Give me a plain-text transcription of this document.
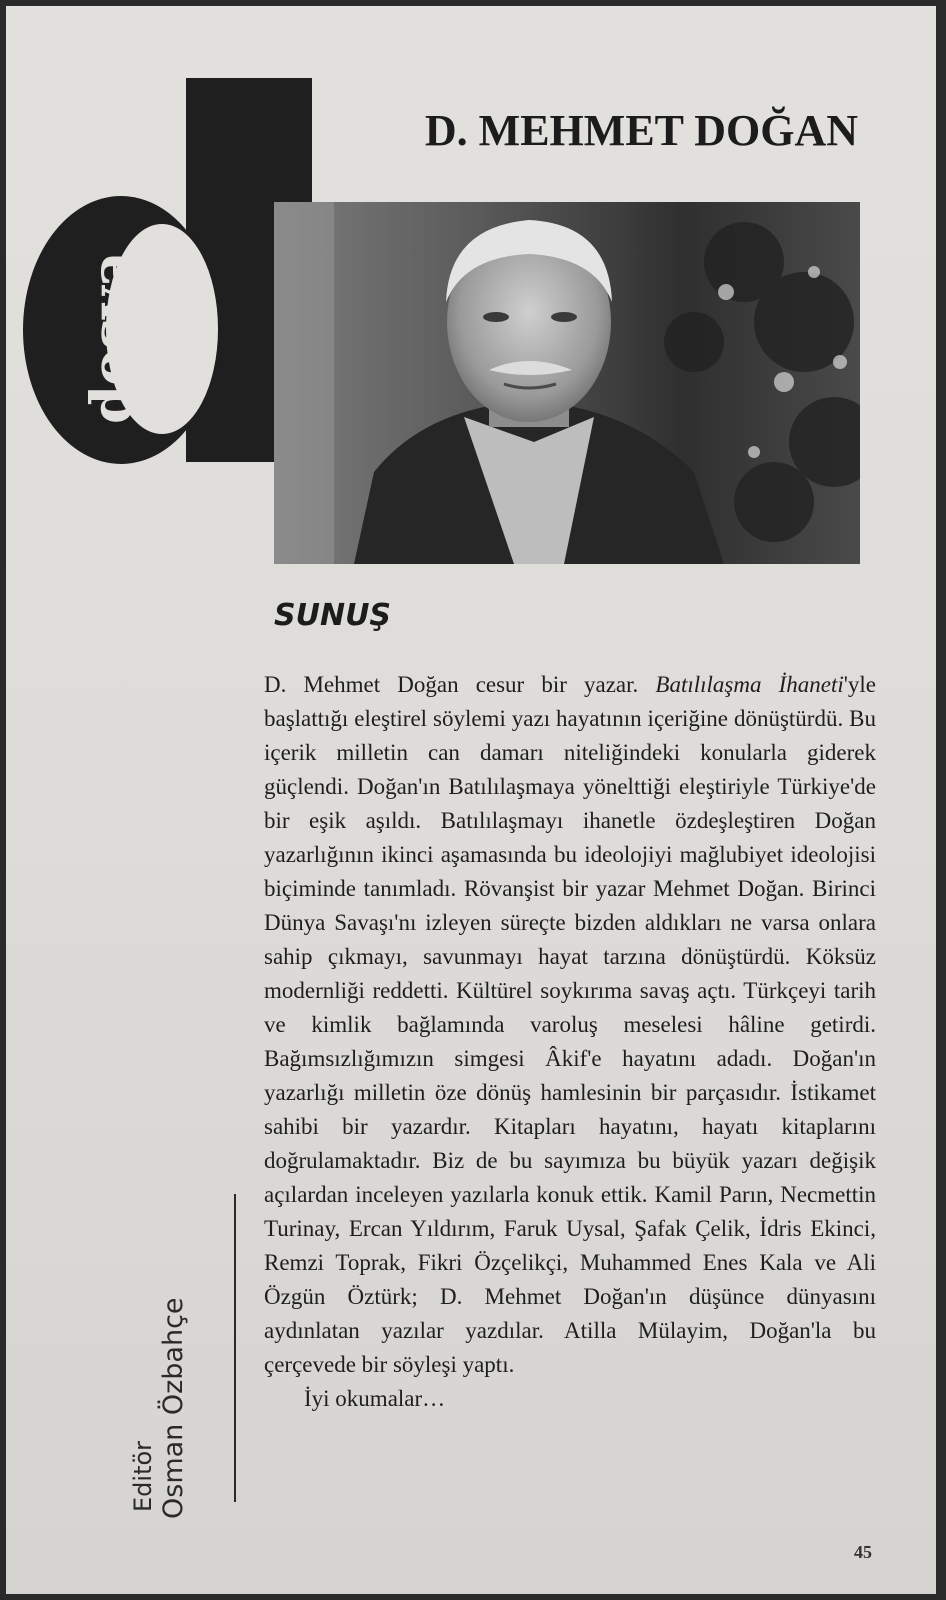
dosya
D. MEHMET DOĞAN
SUNUŞ

D. Mehmet Doğan cesur bir yazar. Batılılaşma İhaneti'yle başlattığı eleştirel söylemi yazı hayatının içeriğine dönüştürdü. Bu içerik milletin can damarı niteliğindeki konularla giderek güçlendi. Doğan'ın Batılılaşmaya yönelttiği eleştiriyle Türkiye'de bir eşik aşıldı. Batılılaşmayı ihanetle özdeşleştiren Doğan yazarlığının ikinci aşamasında bu ideolojiyi mağlubiyet ideolojisi biçiminde tanımladı. Rövanşist bir yazar Mehmet Doğan. Birinci Dünya Savaşı'nı izleyen süreçte bizden aldıkları ne varsa onlara sahip çıkmayı, savunmayı hayat tarzına dönüştürdü. Köksüz modernliği reddetti. Kültürel soykırıma savaş açtı. Türkçeyi tarih ve kimlik bağlamında varoluş meselesi hâline getirdi. Bağımsızlığımızın simgesi Âkif'e hayatını adadı. Doğan'ın yazarlığı milletin öze dönüş hamlesinin bir parçasıdır. İstikamet sahibi bir yazardır. Kitapları hayatını, hayatı kitaplarını doğrulamaktadır. Biz de bu sayımıza bu büyük yazarı değişik açılardan inceleyen yazılarla konuk ettik. Kamil Parın, Necmettin Turinay, Ercan Yıldırım, Faruk Uysal, Şafak Çelik, İdris Ekinci, Remzi Toprak, Fikri Özçelikçi, Muhammed Enes Kala ve Ali Özgün Öztürk; D. Mehmet Doğan'ın düşünce dünyasını aydınlatan yazılar yazdılar. Atilla Mülayim, Doğan'la bu çerçevede bir söyleşi yaptı.

İyi okumalar…

Editör Osman Özbahçe
45
